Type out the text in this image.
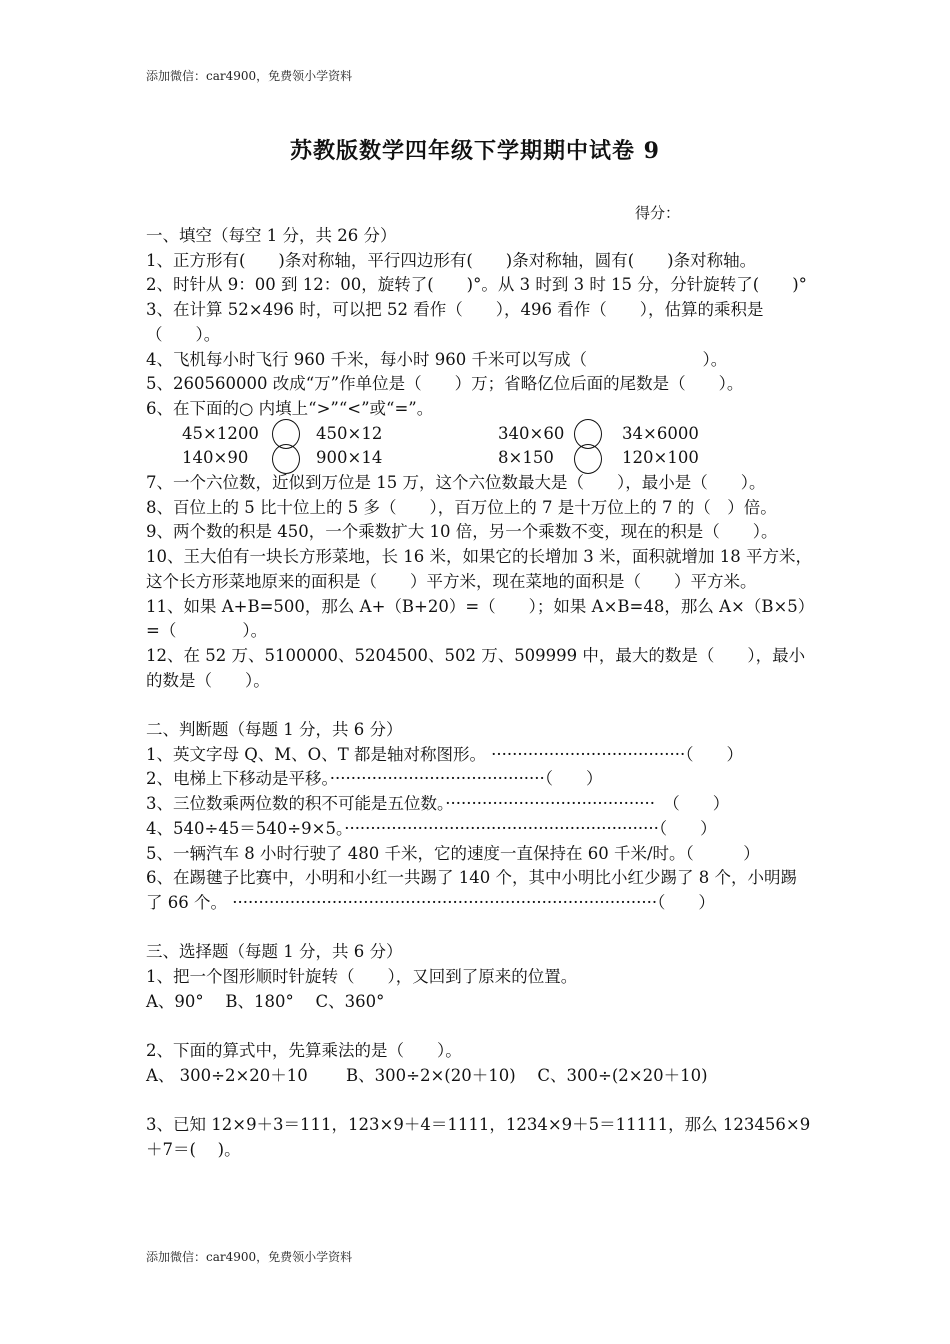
添加微信：car4900，免费领小学资料
苏教版数学四年级下学期期中试卷 9
得分：

一、填空（每空 1 分，共 26 分）

1、正方形有(　　)条对称轴，平行四边形有(　　)条对称轴，圆有(　　)条对称轴。

2、时针从 9：00 到 12：00，旋转了(　　)°。从 3 时到 3 时 15 分，分针旋转了(　　)°

3、在计算 52×496 时，可以把 52 看作（　　），496 看作（　　），估算的乘积是（　　）。

4、飞机每小时飞行 960 千米，每小时 960 千米可以写成（　　　　　　　）。

5、260560000 改成“万”作单位是（　　）万；省略亿位后面的尾数是（　　）。

6、在下面的○ 内填上“>”“<”或“=”。

45×1200	450×12	340×60	34×6000
140×90	900×14	8×150	120×100

7、一个六位数，近似到万位是 15 万，这个六位数最大是（　　），最小是（　　）。

8、百位上的 5 比十位上的 5 多（　　），百万位上的 7 是十万位上的 7 的（　）倍。

9、两个数的积是 450，一个乘数扩大 10 倍，另一个乘数不变，现在的积是（　　）。

10、王大伯有一块长方形菜地，长 16 米，如果它的长增加 3 米，面积就增加 18 平方米，这个长方形菜地原来的面积是（　　）平方米，现在菜地的面积是（　　）平方米。

11、如果 A+B=500，那么 A+（B+20）=（　　）；如果 A×B=48，那么 A×（B×5）=（　　　　）。

12、在 52 万、5100000、5204500、502 万、509999 中，最大的数是（　　），最小的数是（　　）。

二、判断题（每题 1 分，共 6 分）

1、英文字母 Q、M、O、T 都是轴对称图形。 ·····································（　　）

2、电梯上下移动是平移。·········································（　　）

3、三位数乘两位数的积不可能是五位数。········································　（　　）

4、540÷45＝540÷9×5。····························································（　　）

5、一辆汽车 8 小时行驶了 480 千米，它的速度一直保持在 60 千米/时。（　　　）

6、在踢毽子比赛中，小明和小红一共踢了 140 个，其中小明比小红少踢了 8 个，小明踢了 66 个。 ·················································································（　　）

三、选择题（每题 1 分，共 6 分）

1、把一个图形顺时针旋转（　　），又回到了原来的位置。

A、90°　 B、180°　 C、360°

2、下面的算式中，先算乘法的是（　　）。

A、 300÷2×20＋10　　 B、300÷2×(20＋10)　 C、300÷(2×20＋10)

3、已知 12×9＋3＝111，123×9＋4＝1111，1234×9＋5＝11111，那么 123456×9＋7＝(　 )。

添加微信：car4900，免费领小学资料
